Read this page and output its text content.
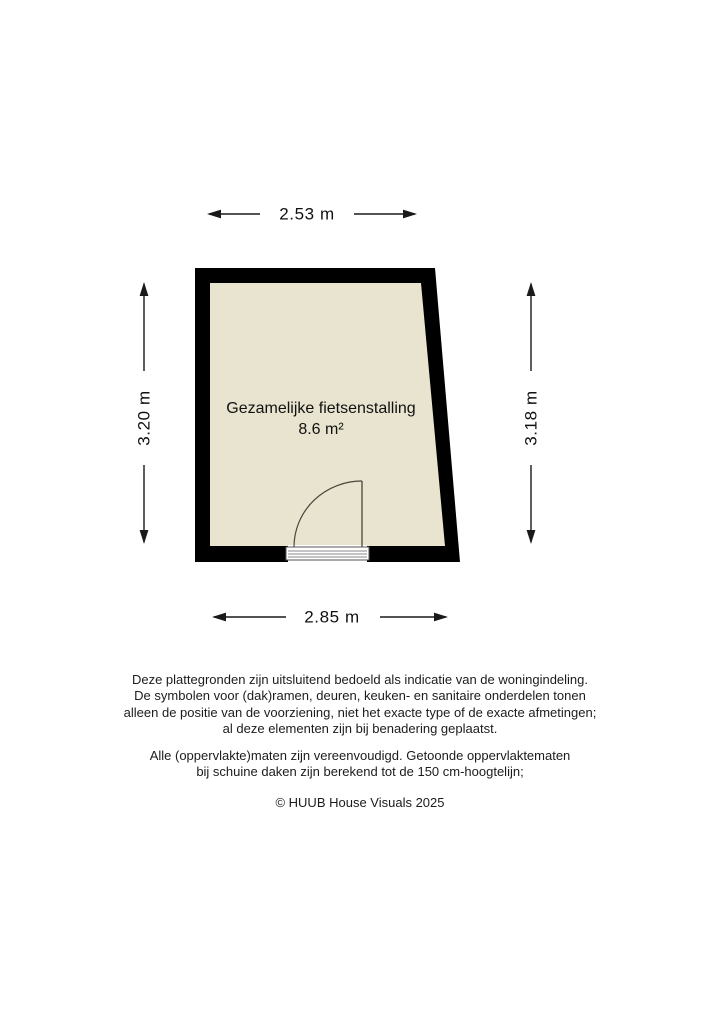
2.53 m
2.85 m
3.20 m	3.18 m
Gezamelijke fietsenstalling
8.6 m²
Deze plattegronden zijn uitsluitend bedoeld als indicatie van de woningindeling.
De symbolen voor (dak)ramen, deuren, keuken- en sanitaire onderdelen tonen
alleen de positie van de voorziening, niet het exacte type of de exacte afmetingen;
al deze elementen zijn bij benadering geplaatst.
Alle (oppervlakte)maten zijn vereenvoudigd. Getoonde oppervlaktematen
bij schuine daken zijn berekend tot de 150 cm-hoogtelijn;
© HUUB House Visuals 2025
